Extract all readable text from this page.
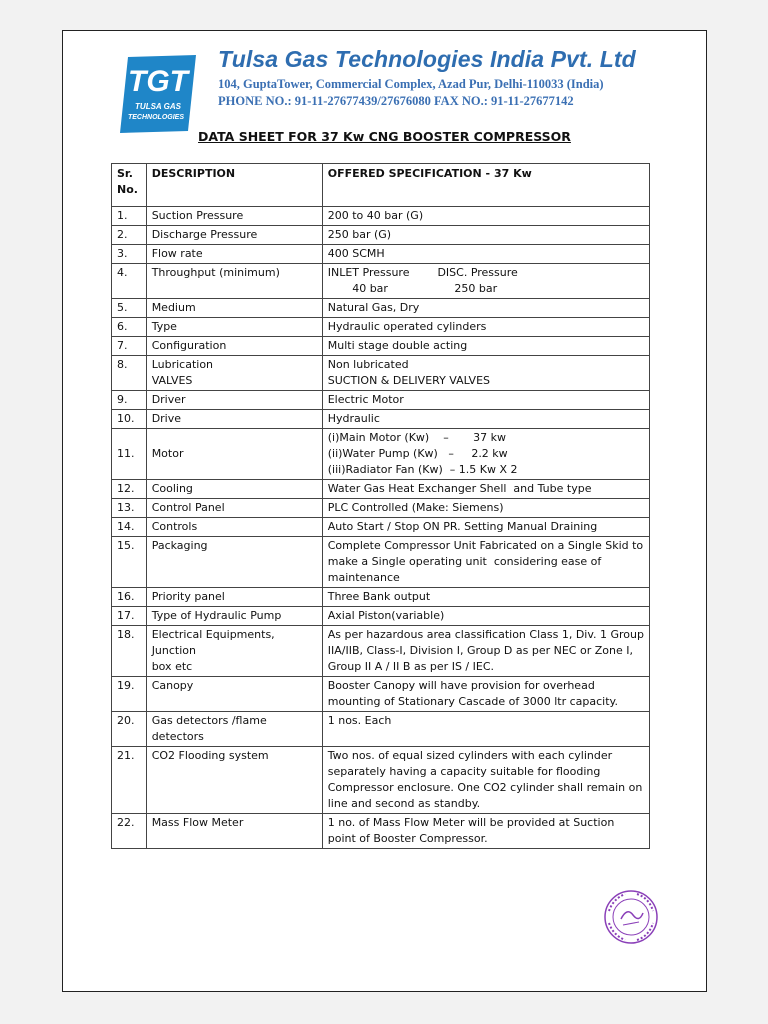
TGT
TULSA GAS
TECHNOLOGIES
Tulsa Gas Technologies India Pvt. Ltd
104, GuptaTower, Commercial Complex, Azad Pur, Delhi-110033 (India)
PHONE NO.: 91-11-27677439/27676080 FAX NO.: 91-11-27677142
DATA SHEET FOR 37 Kw CNG BOOSTER COMPRESSOR
Sr.
No.	DESCRIPTION	OFFERED SPECIFICATION - 37 Kw
1.	Suction Pressure	200 to 40 bar (G)
2.	Discharge Pressure	250 bar (G)
3.	Flow rate	400 SCMH
4.	Throughput (minimum)	INLET Pressure        DISC. Pressure
40 bar                   250 bar
5.	Medium	Natural Gas, Dry
6.	Type	Hydraulic operated cylinders
7.	Configuration	Multi stage double acting
8.	Lubrication
VALVES	Non lubricated
SUCTION & DELIVERY VALVES
9.	Driver	Electric Motor
10.	Drive	Hydraulic
11.	Motor	(i)Main Motor (Kw)    –       37 kw
(ii)Water Pump (Kw)   –     2.2 kw
(iii)Radiator Fan (Kw)  – 1.5 Kw X 2
12.	Cooling	Water Gas Heat Exchanger Shell  and Tube type
13.	Control Panel	PLC Controlled (Make: Siemens)
14.	Controls	Auto Start / Stop ON PR. Setting Manual Draining
15.	Packaging	Complete Compressor Unit Fabricated on a Single Skid to
make a Single operating unit  considering ease of
maintenance
16.	Priority panel	Three Bank output
17.	Type of Hydraulic Pump	Axial Piston(variable)
18.	Electrical Equipments, Junction
box etc	As per hazardous area classification Class 1, Div. 1 Group
IIA/IIB, Class-I, Division I, Group D as per NEC or Zone I,
Group II A / II B as per IS / IEC.
19.	Canopy	Booster Canopy will have provision for overhead
mounting of Stationary Cascade of 3000 ltr capacity.
20.	Gas detectors /flame detectors	1 nos. Each
21.	CO2 Flooding system	Two nos. of equal sized cylinders with each cylinder
separately having a capacity suitable for flooding
Compressor enclosure. One CO2 cylinder shall remain on
line and second as standby.
22.	Mass Flow Meter	1 no. of Mass Flow Meter will be provided at Suction
point of Booster Compressor.
